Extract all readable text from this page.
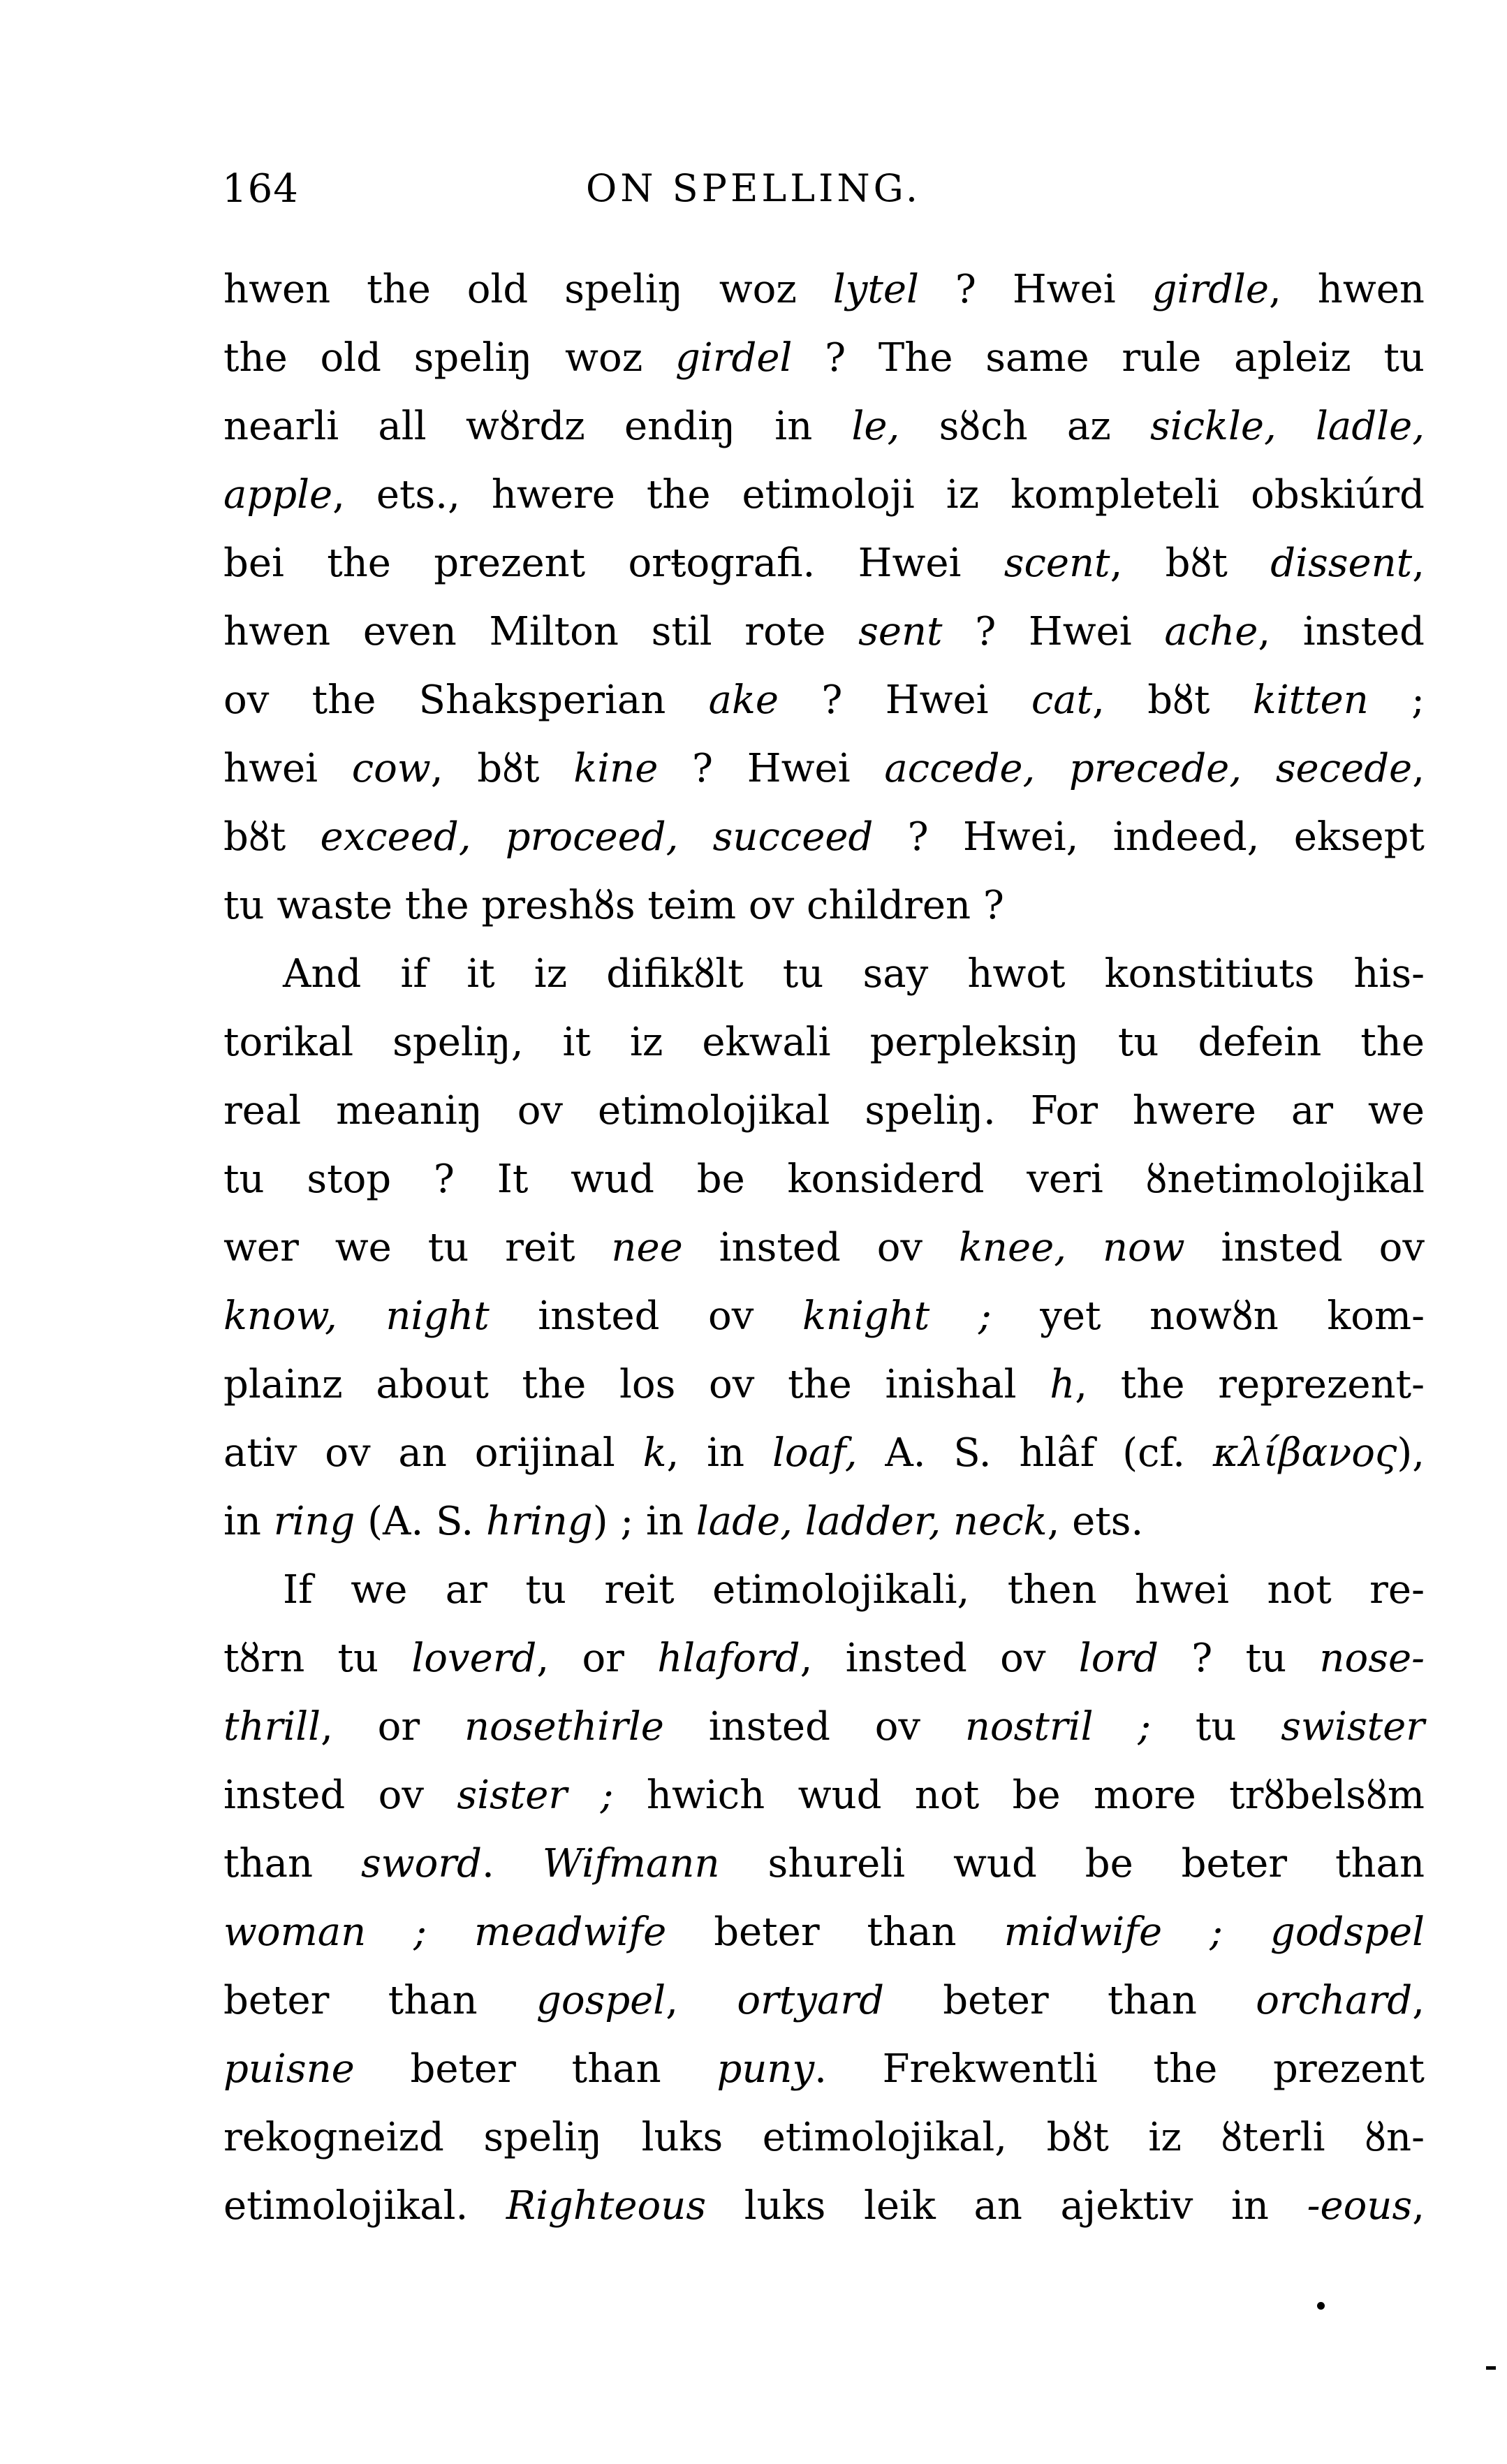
164	ON SPELLING.
hwen the old speliŋ woz lytel ? Hwei girdle, hwen
the old speliŋ woz girdel ? The same rule apleiz tu
nearli all wȣrdz endiŋ in le, sȣch az sickle, ladle,
apple, ets., hwere the etimoloji iz kompleteli obskiúrd
bei the prezent orŧografi. Hwei scent, bȣt dissent,
hwen even Milton stil rote sent ? Hwei ache, insted
ov the Shaksperian ake ? Hwei cat, bȣt kitten ;
hwei cow, bȣt kine ? Hwei accede, precede, secede,
bȣt exceed, proceed, succeed ? Hwei, indeed, eksept
tu waste the preshȣs teim ov children ?
And if it iz difikȣlt tu say hwot konstitiuts his-
torikal speliŋ, it iz ekwali perpleksiŋ tu defein the
real meaniŋ ov etimolojikal speliŋ. For hwere ar we
tu stop ? It wud be konsiderd veri ȣnetimolojikal
wer we tu reit nee insted ov knee, now insted ov
know, night insted ov knight ; yet nowȣn kom-
plainz about the los ov the inishal h, the reprezent-
ativ ov an orijinal k, in loaf, A. S. hlâf (cf. κλίβανος),
in ring (A. S. hring) ; in lade, ladder, neck, ets.
If we ar tu reit etimolojikali, then hwei not re-
tȣrn tu loverd, or hlaford, insted ov lord ? tu nose-
thrill, or nosethirle insted ov nostril ; tu swister
insted ov sister ; hwich wud not be more trȣbelsȣm
than sword. Wifmann shureli wud be beter than
woman ; meadwife beter than midwife ; godspel
beter than gospel, ortyard beter than orchard,
puisne beter than puny. Frekwentli the prezent
rekogneizd speliŋ luks etimolojikal, bȣt iz ȣterli ȣn-
etimolojikal. Righteous luks leik an ajektiv in -eous,
